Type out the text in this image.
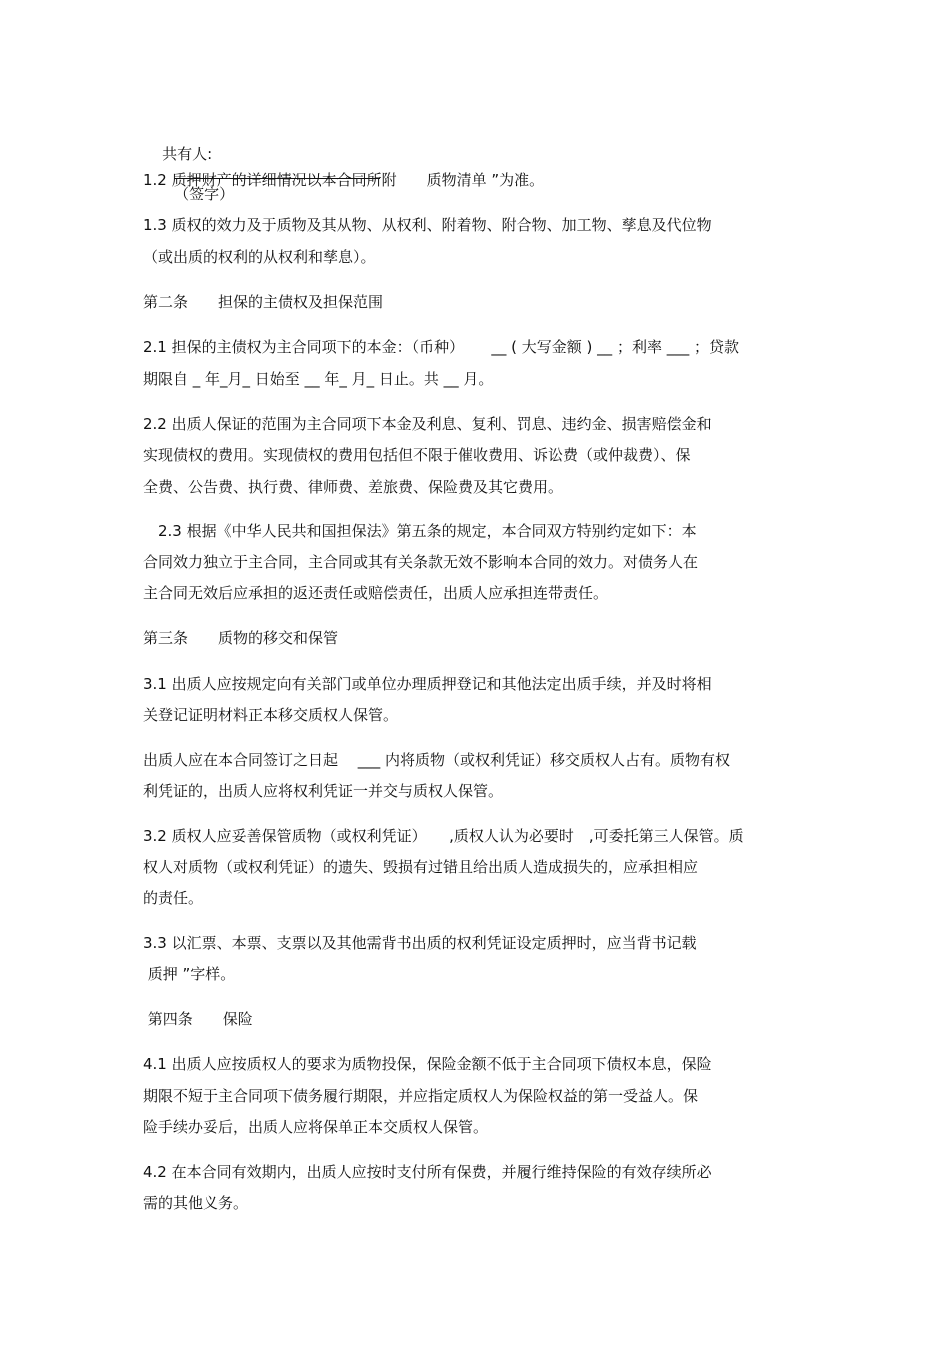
共有人:

（签字）

1.2 质押财产的详细情况以本合同所附　　质物清单 ”为准。
1.3 质权的效力及于质物及其从物、从权利、附着物、附合物、加工物、孳息及代位物
（或出质的权利的从权利和孳息）。
第二条　　担保的主债权及担保范围
2.1 担保的主债权为主合同项下的本金：（币种）　　 __ ( 大写金额 ) __ ；利率 ___ ；贷款
期限自 _ 年_月_ 日始至 __ 年_ 月_ 日止。共 __ 月。
2.2 出质人保证的范围为主合同项下本金及利息、复利、罚息、违约金、损害赔偿金和
实现债权的费用。实现债权的费用包括但不限于催收费用、诉讼费（或仲裁费）、保
全费、公告费、执行费、律师费、差旅费、保险费及其它费用。
　2.3 根据《中华人民共和国担保法》第五条的规定，本合同双方特别约定如下：本
合同效力独立于主合同，主合同或其有关条款无效不影响本合同的效力。对债务人在
主合同无效后应承担的返还责任或赔偿责任，出质人应承担连带责任。
第三条　　质物的移交和保管
3.1 出质人应按规定向有关部门或单位办理质押登记和其他法定出质手续，并及时将相
关登记证明材料正本移交质权人保管。
出质人应在本合同签订之日起　 ___ 内将质物（或权利凭证）移交质权人占有。质物有权
利凭证的，出质人应将权利凭证一并交与质权人保管。
3.2 质权人应妥善保管质物（或权利凭证）　　,质权人认为必要时　,可委托第三人保管。质
权人对质物（或权利凭证）的遗失、毁损有过错且给出质人造成损失的，应承担相应
的责任。
3.3 以汇票、本票、支票以及其他需背书出质的权利凭证设定质押时，应当背书记载
质押 ”字样。
第四条　　保险
4.1 出质人应按质权人的要求为质物投保，保险金额不低于主合同项下债权本息，保险
期限不短于主合同项下债务履行期限，并应指定质权人为保险权益的第一受益人。保
险手续办妥后，出质人应将保单正本交质权人保管。
4.2 在本合同有效期内，出质人应按时支付所有保费，并履行维持保险的有效存续所必
需的其他义务。
